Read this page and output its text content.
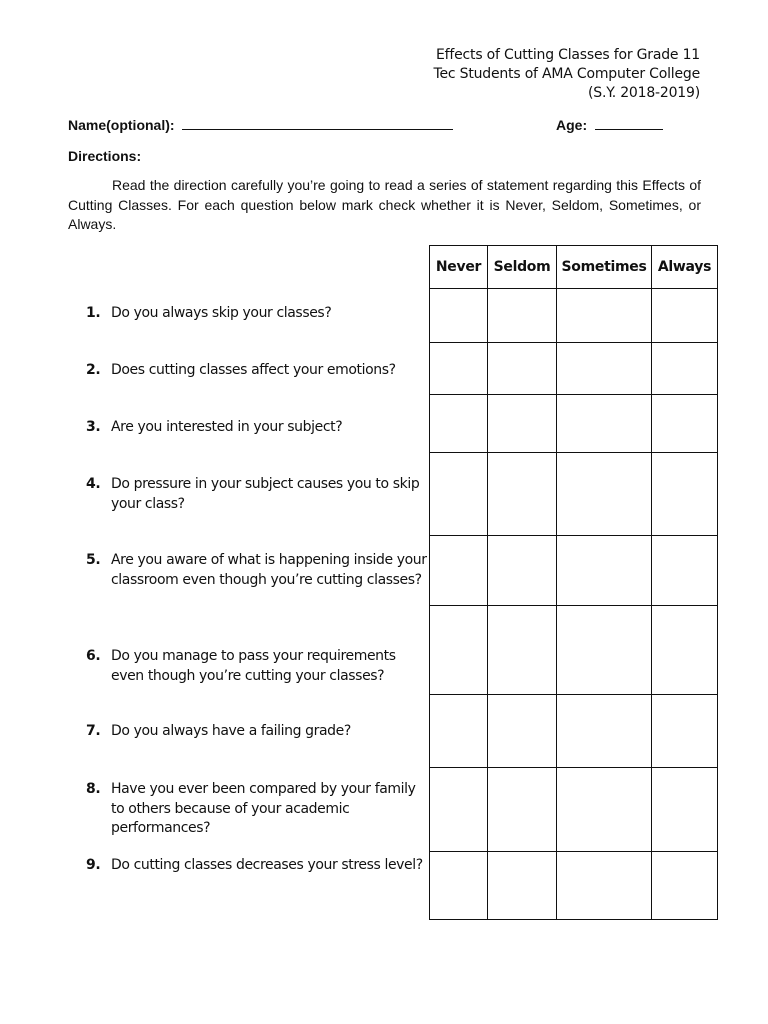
Effects of Cutting Classes for Grade 11
Tec Students of AMA Computer College
(S.Y. 2018-2019)
Name(optional):	Age:
Directions:
Read the direction carefully you’re going to read a series of statement regarding this Effects of Cutting Classes. For each question below mark check whether it is Never, Seldom, Sometimes, or Always.
Never	Seldom	Sometimes	Always

1. Do you always skip your classes?
2. Does cutting classes affect your emotions?
3. Are you interested in your subject?
4. Do pressure in your subject causes you to skip your class?
5. Are you aware of what is happening inside your classroom even though you’re cutting classes?
6. Do you manage to pass your requirements even though you’re cutting your classes?
7. Do you always have a failing grade?
8. Have you ever been compared by your family to others because of your academic performances?
9. Do cutting classes decreases your stress level?
